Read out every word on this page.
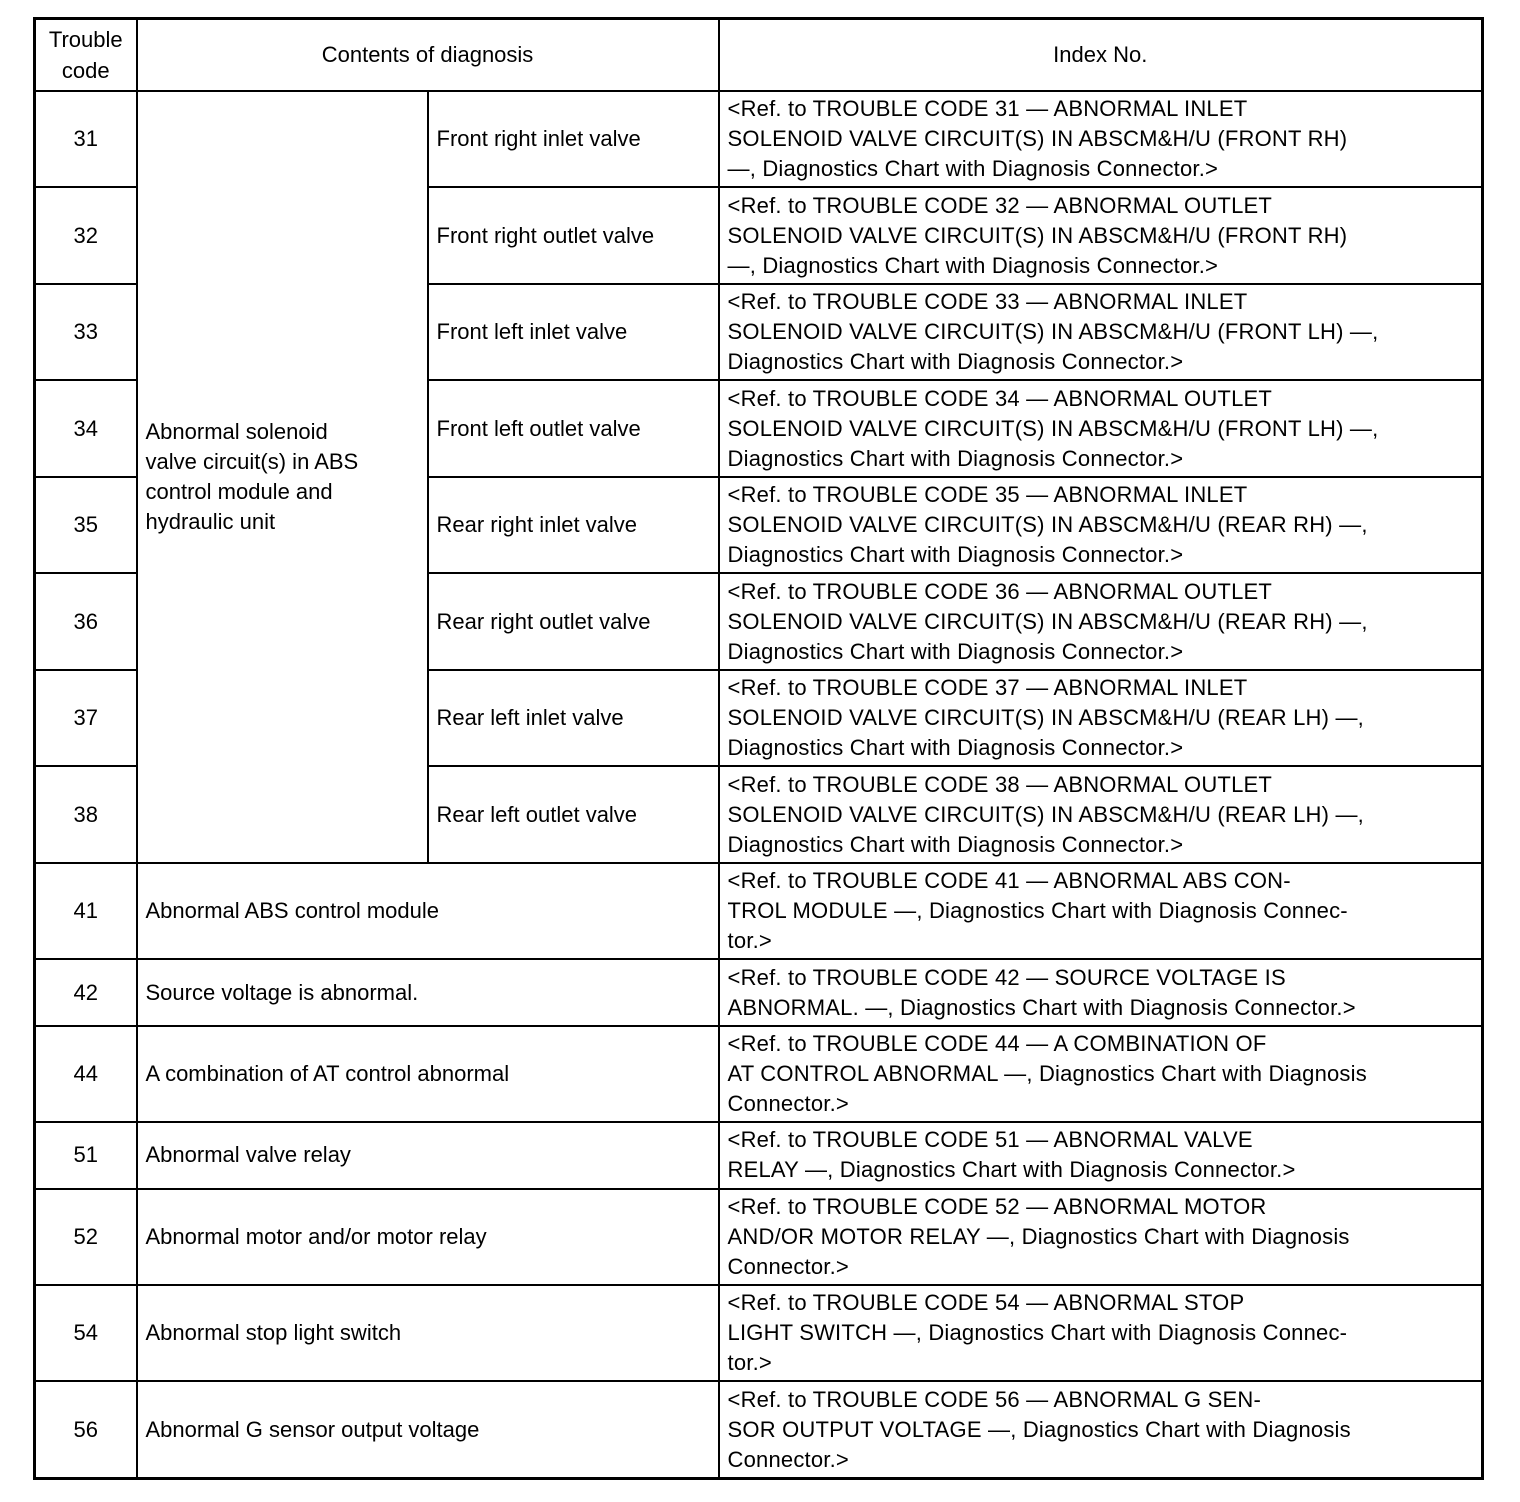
Trouble
code	Contents of diagnosis		Index No.
31	Abnormal solenoid
valve circuit(s) in ABS
control module and
hydraulic unit	Front right inlet valve	<Ref. to TROUBLE CODE 31 — ABNORMAL INLET
SOLENOID VALVE CIRCUIT(S) IN ABSCM&H/U (FRONT RH)
—, Diagnostics Chart with Diagnosis Connector.>

32		Front right outlet valve	<Ref. to TROUBLE CODE 32 — ABNORMAL OUTLET
SOLENOID VALVE CIRCUIT(S) IN ABSCM&H/U (FRONT RH)
—, Diagnostics Chart with Diagnosis Connector.>

33		Front left inlet valve	<Ref. to TROUBLE CODE 33 — ABNORMAL INLET
SOLENOID VALVE CIRCUIT(S) IN ABSCM&H/U (FRONT LH) —,
Diagnostics Chart with Diagnosis Connector.>

34		Front left outlet valve	<Ref. to TROUBLE CODE 34 — ABNORMAL OUTLET
SOLENOID VALVE CIRCUIT(S) IN ABSCM&H/U (FRONT LH) —,
Diagnostics Chart with Diagnosis Connector.>

35		Rear right inlet valve	<Ref. to TROUBLE CODE 35 — ABNORMAL INLET
SOLENOID VALVE CIRCUIT(S) IN ABSCM&H/U (REAR RH) —,
Diagnostics Chart with Diagnosis Connector.>

36		Rear right outlet valve	<Ref. to TROUBLE CODE 36 — ABNORMAL OUTLET
SOLENOID VALVE CIRCUIT(S) IN ABSCM&H/U (REAR RH) —,
Diagnostics Chart with Diagnosis Connector.>

37		Rear left inlet valve	<Ref. to TROUBLE CODE 37 — ABNORMAL INLET
SOLENOID VALVE CIRCUIT(S) IN ABSCM&H/U (REAR LH) —,
Diagnostics Chart with Diagnosis Connector.>

38		Rear left outlet valve	<Ref. to TROUBLE CODE 38 — ABNORMAL OUTLET
SOLENOID VALVE CIRCUIT(S) IN ABSCM&H/U (REAR LH) —,
Diagnostics Chart with Diagnosis Connector.>

41	Abnormal ABS control module		<Ref. to TROUBLE CODE 41 — ABNORMAL ABS CON-
TROL MODULE —, Diagnostics Chart with Diagnosis Connec-
tor.>

42	Source voltage is abnormal.		<Ref. to TROUBLE CODE 42 — SOURCE VOLTAGE IS
ABNORMAL. —, Diagnostics Chart with Diagnosis Connector.>

44	A combination of AT control abnormal		<Ref. to TROUBLE CODE 44 — A COMBINATION OF
AT CONTROL ABNORMAL —, Diagnostics Chart with Diagnosis
Connector.>

51	Abnormal valve relay		<Ref. to TROUBLE CODE 51 — ABNORMAL VALVE
RELAY —, Diagnostics Chart with Diagnosis Connector.>

52	Abnormal motor and/or motor relay		<Ref. to TROUBLE CODE 52 — ABNORMAL MOTOR
AND/OR MOTOR RELAY —, Diagnostics Chart with Diagnosis
Connector.>

54	Abnormal stop light switch		<Ref. to TROUBLE CODE 54 — ABNORMAL STOP
LIGHT SWITCH —, Diagnostics Chart with Diagnosis Connec-
tor.>

56	Abnormal G sensor output voltage		<Ref. to TROUBLE CODE 56 — ABNORMAL G SEN-
SOR OUTPUT VOLTAGE —, Diagnostics Chart with Diagnosis
Connector.>
